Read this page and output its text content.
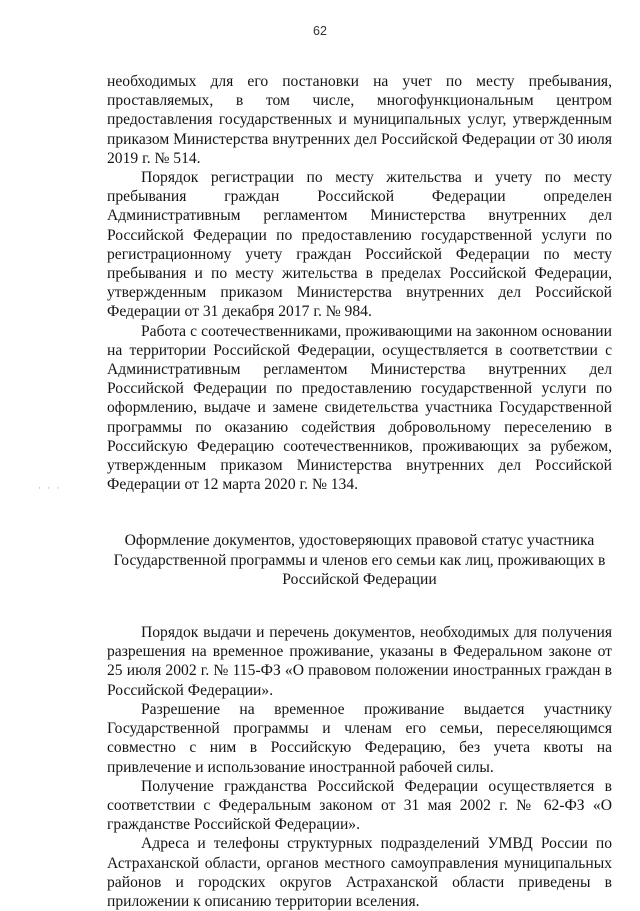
62
· · ·

необходимых для его постановки на учет по месту пребывания, проставляемых, в том числе, многофункциональным центром предоставления государственных и муниципальных услуг, утвержденным приказом Министерства внутренних дел Российской Федерации от 30 июля 2019 г. № 514.

Порядок регистрации по месту жительства и учету по месту пребывания граждан Российской Федерации определен Административным регламентом Министерства внутренних дел Российской Федерации по предоставлению государственной услуги по регистрационному учету граждан Российской Федерации по месту пребывания и по месту жительства в пределах Российской Федерации, утвержденным приказом Министерства внутренних дел Российской Федерации от 31 декабря 2017 г. № 984.

Работа с соотечественниками, проживающими на законном основании на территории Российской Федерации, осуществляется в соответствии с Административным регламентом Министерства внутренних дел Российской Федерации по предоставлению государственной услуги по оформлению, выдаче и замене свидетельства участника Государственной программы по оказанию содействия добровольному переселению в Российскую Федерацию соотечественников, проживающих за рубежом, утвержденным приказом Министерства внутренних дел Российской Федерации от 12 марта 2020 г. № 134.

Оформление документов, удостоверяющих правовой статус участника
Государственной программы и членов его семьи как лиц, проживающих в
Российской Федерации

Порядок выдачи и перечень документов, необходимых для получения разрешения на временное проживание, указаны в Федеральном законе от 25 июля 2002 г. № 115-ФЗ «О правовом положении иностранных граждан в Российской Федерации».

Разрешение на временное проживание выдается участнику Государственной программы и членам его семьи, переселяющимся совместно с ним в Российскую Федерацию, без учета квоты на привлечение и использование иностранной рабочей силы.

Получение гражданства Российской Федерации осуществляется в соответствии с Федеральным законом от 31 мая 2002 г. № 62-ФЗ «О гражданстве Российской Федерации».

Адреса и телефоны структурных подразделений УМВД России по Астраханской области, органов местного самоуправления муниципальных районов и городских округов Астраханской области приведены в приложении к описанию территории вселения.
